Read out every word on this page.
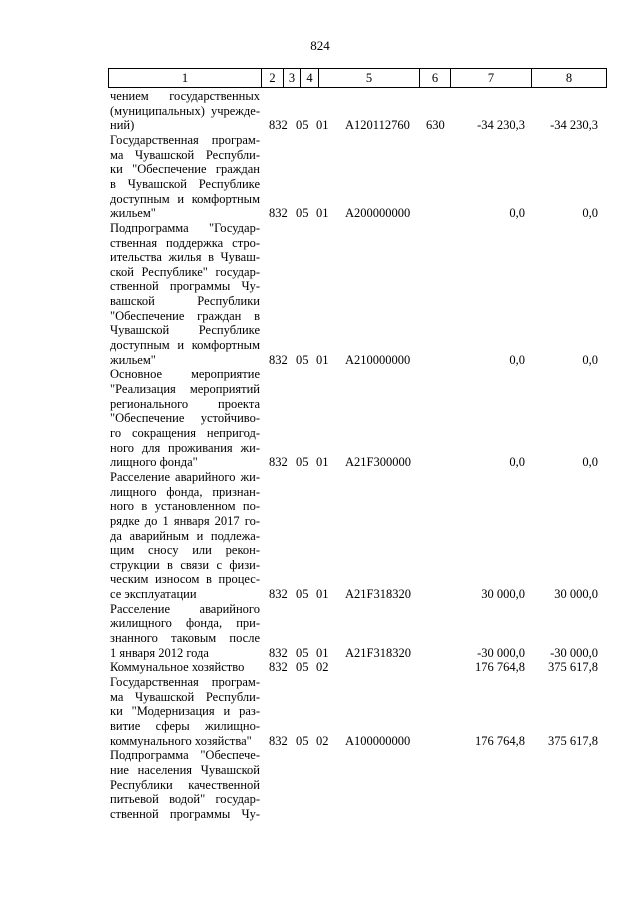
824
1	2	3 4	5	6	7	8
чением государственных
(муниципальных) учрежде-
ний)	832 05 01 А120112760	630	-34 230,3	-34 230,3
Государственная програм-
ма Чувашской Республи-
ки "Обеспечение граждан
в Чувашской Республике
доступным и комфортным
жильем"	832 05 01 А200000000	0,0	0,0
Подпрограмма "Государ-
ственная поддержка стро-
ительства жилья в Чуваш-
ской Республике" государ-
ственной программы Чу-
вашской Республики
"Обеспечение граждан в
Чувашской Республике
доступным и комфортным
жильем"	832 05 01 А210000000	0,0	0,0
Основное мероприятие
"Реализация мероприятий
регионального проекта
"Обеспечение устойчиво-
го сокращения непригод-
ного для проживания жи-
лищного фонда"	832 05 01 А21F300000	0,0	0,0
Расселение аварийного жи-
лищного фонда, признан-
ного в установленном по-
рядке до 1 января 2017 го-
да аварийным и подлежа-
щим сносу или рекон-
струкции в связи с физи-
ческим износом в процес-
се эксплуатации	832 05 01 А21F318320	30 000,0	30 000,0
Расселение аварийного
жилищного фонда, при-
знанного таковым после
1 января 2012 года	832 05 01 А21F318320	-30 000,0	-30 000,0
Коммунальное хозяйство	832 05 02	176 764,8	375 617,8
Государственная програм-
ма Чувашской Республи-
ки "Модернизация и раз-
витие сферы жилищно-
коммунального хозяйства"	832 05 02 А100000000	176 764,8	375 617,8
Подпрограмма "Обеспече-
ние населения Чувашской
Республики качественной
питьевой водой" государ-
ственной программы Чу-
